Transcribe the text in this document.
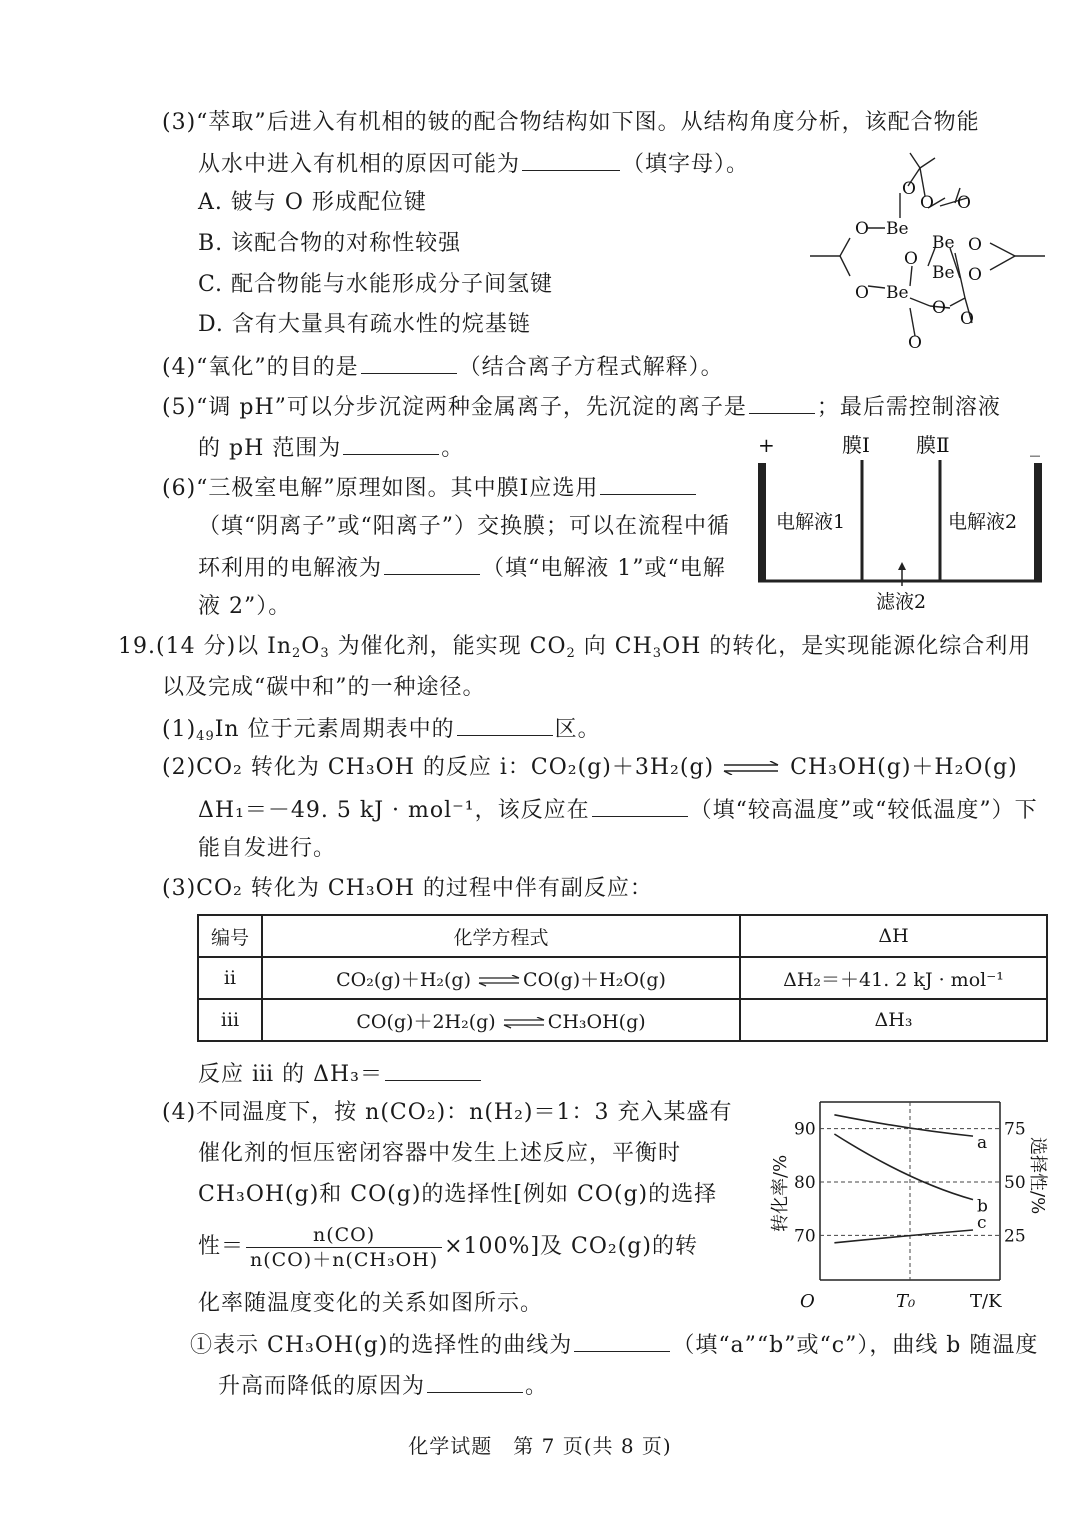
(3)“萃取”后进入有机相的铍的配合物结构如下图。从结构角度分析，该配合物能
从水中进入有机相的原因可能为	（填字母）。
A. 铍与 O 形成配位键
B. 该配合物的对称性较强
C. 配合物能与水能形成分子间氢键
D. 含有大量具有疏水性的烷基链
O
O O
O Be
Be O
O
Be O
O Be
O
O
O
(4)“氧化”的目的是	（结合离子方程式解释）。
(5)“调 pH”可以分步沉淀两种金属离子，先沉淀的离子是	；最后需控制溶液
的 pH 范围为	。
(6)“三极室电解”原理如图。其中膜Ⅰ应选用
（填“阴离子”或“阳离子”）交换膜；可以在流程中循
环利用的电解液为	（填“电解液 1”或“电解
液 2”）。
+	_
膜Ⅰ 膜Ⅱ
电解液1	电解液2
滤液2
19.(14 分)以 $In_2O_3$ 为催化剂，能实现 $CO_2$ 向 $CH_3OH$ 的转化，是实现能源化综合利用
以及完成“碳中和”的一种途径。
$(1)_{49}In$ 位于元素周期表中的	区。
(2)CO₂ 转化为 CH₃OH 的反应 ⅰ：CO₂(g)＋3H₂(g) ⇌ CH₃OH(g)＋H₂O(g)
ΔH₁＝－49. 5 kJ · mol⁻¹，该反应在	（填“较高温度”或“较低温度”）下
能自发进行。
(3)CO₂ 转化为 CH₃OH 的过程中伴有副反应：
编号	化学方程式	ΔH
ⅱ	CO₂(g)＋H₂(g) ⇌CO(g)＋H₂O(g)	ΔH₂＝＋41. 2 kJ · mol⁻¹
ⅲ	CO(g)＋2H₂(g) ⇌CH₃OH(g)	ΔH₃
反应 ⅲ 的 ΔH₃＝
(4)不同温度下，按 n(CO₂)：n(H₂)＝1：3 充入某盛有
催化剂的恒压密闭容器中发生上述反应，平衡时
CH₃OH(g)和 CO(g)的选择性[例如 CO(g)的选择
性＝ $\frac{n(CO)}{\text{n(CO)＋n(CH₃OH)}} \times 100\%$]及 CO₂(g)的转
化率随温度变化的关系如图所示。
①表示 CH₃OH(g)的选择性的曲线为	（填“a”“b”或“c”），曲线 b 随温度
升高而降低的原因为	。
转化率/%	选择性/%
70	25
80	50
90	75
a
b
c
O	T₀	T/K
化学试题　第 7 页(共 8 页)
